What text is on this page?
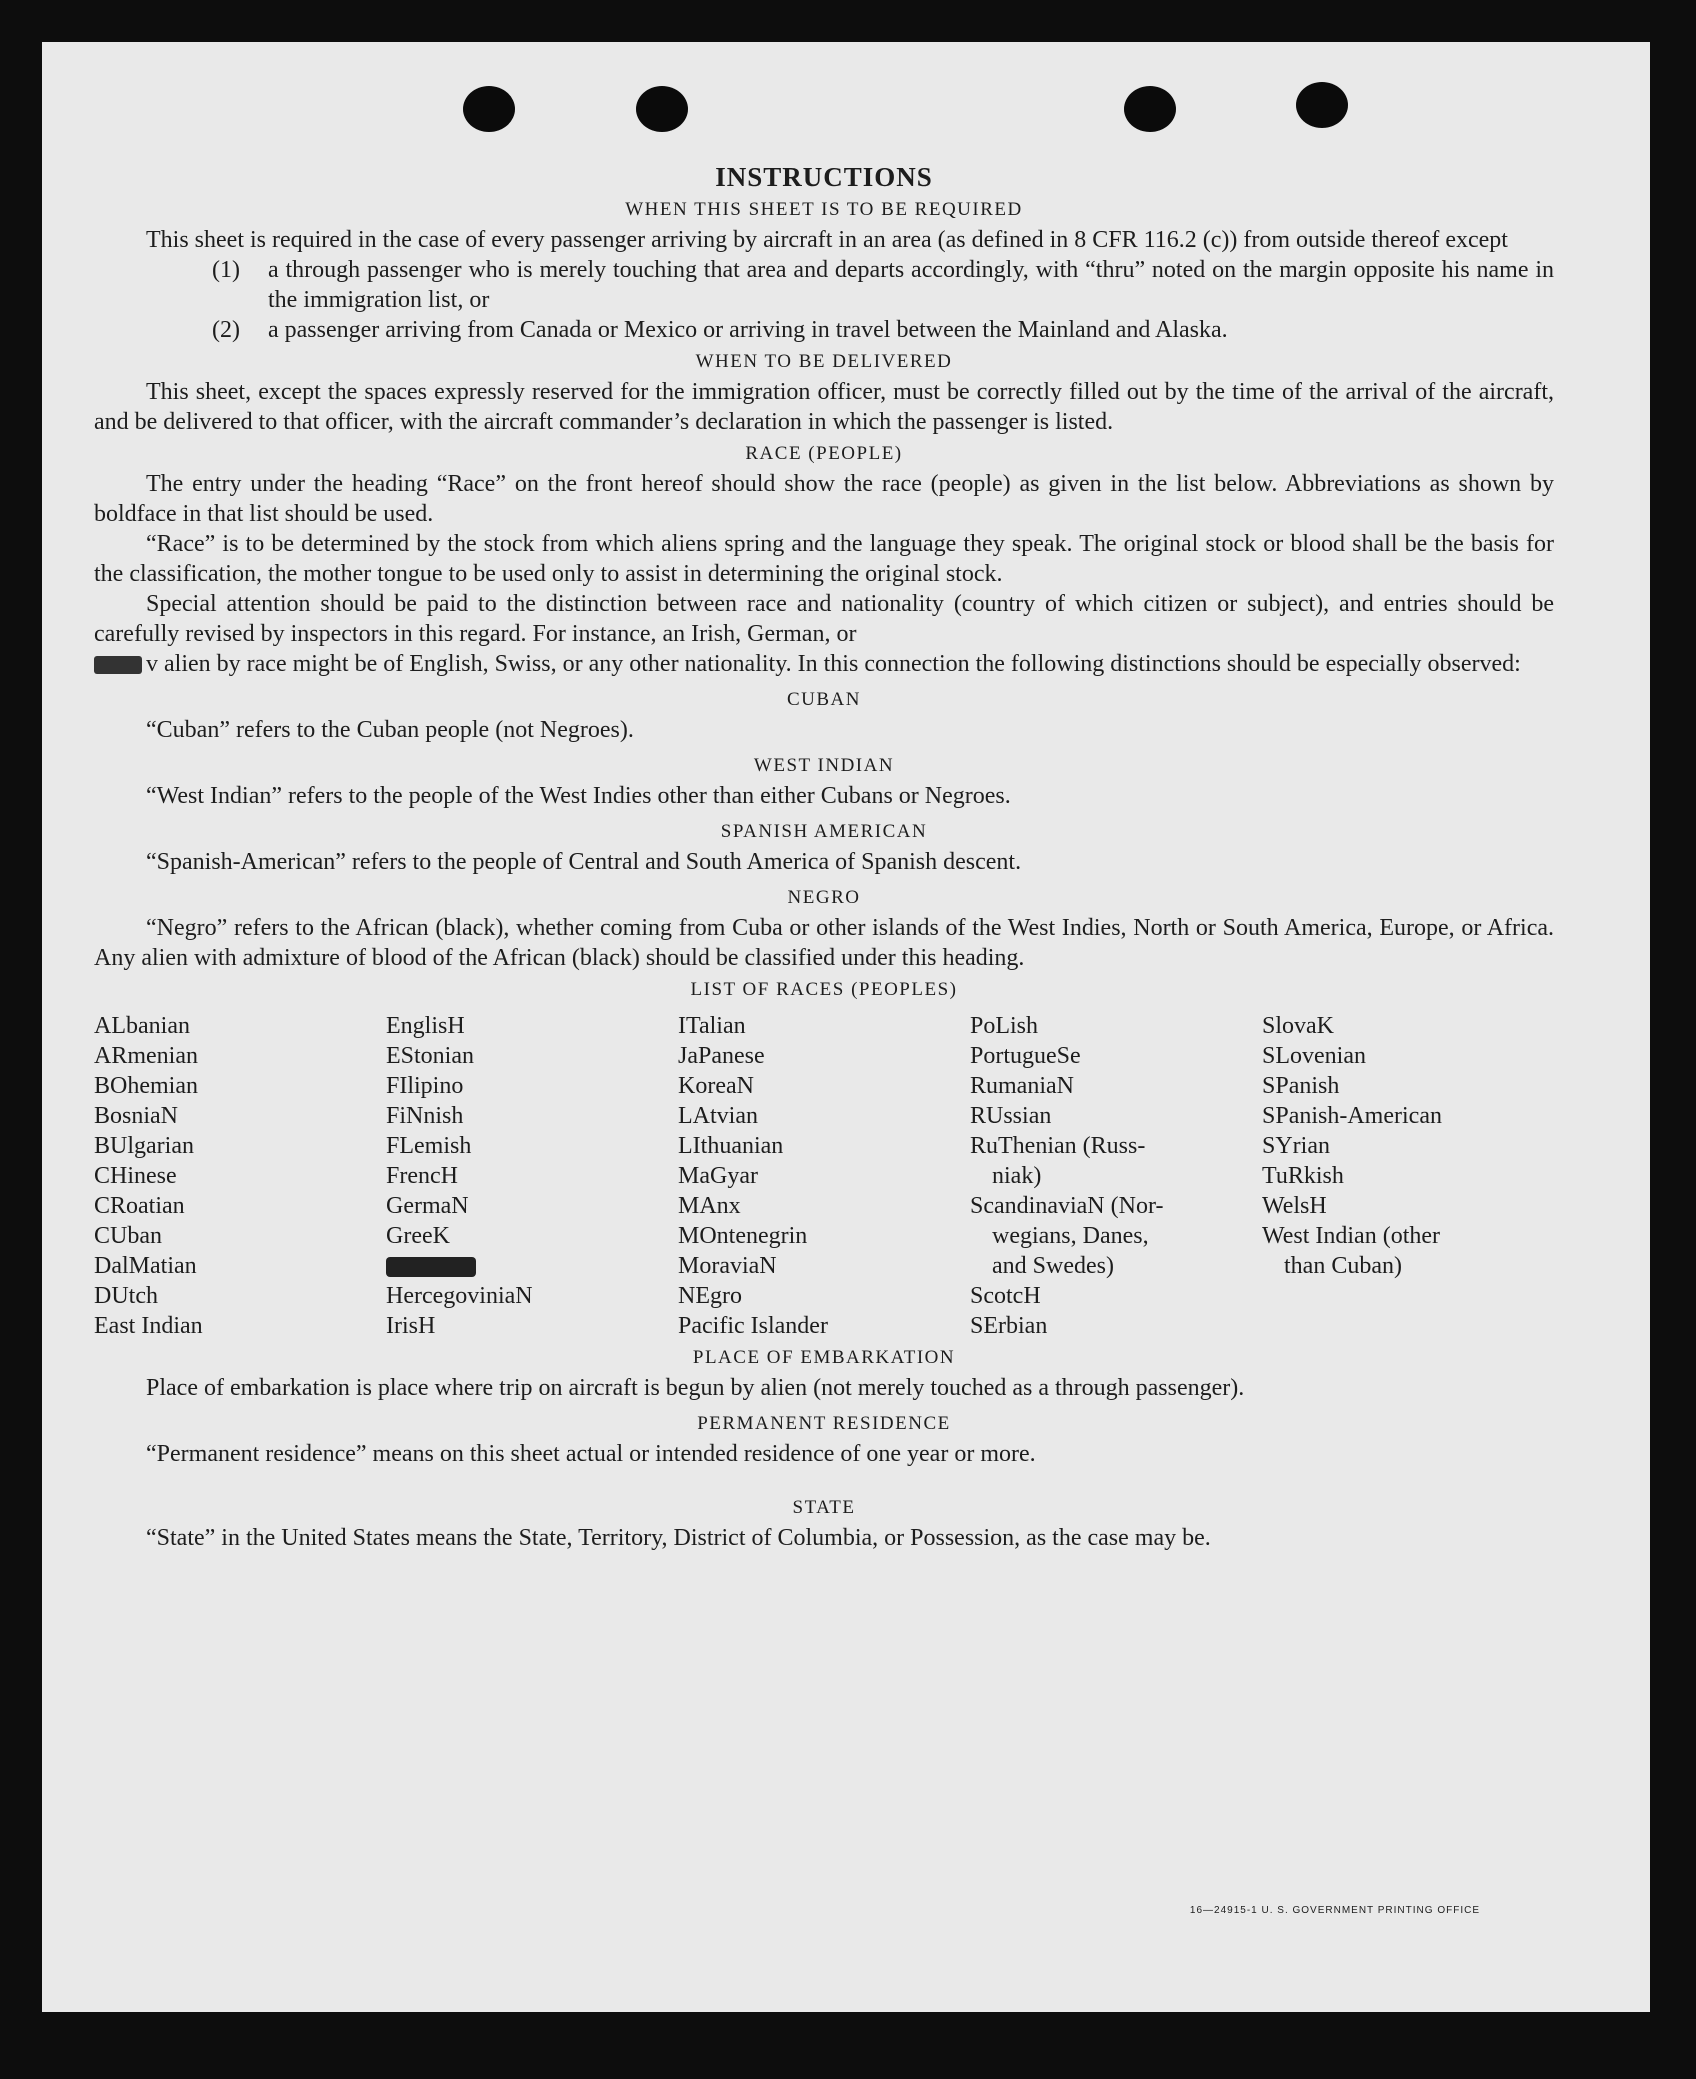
INSTRUCTIONS
WHEN THIS SHEET IS TO BE REQUIRED

This sheet is required in the case of every passenger arriving by aircraft in an area (as defined in 8 CFR 116.2 (c)) from outside thereof except

(1)	a through passenger who is merely touching that area and departs accordingly, with “thru” noted on the margin opposite his name in the immigration list, or
(2)	a passenger arriving from Canada or Mexico or arriving in travel between the Mainland and Alaska.
WHEN TO BE DELIVERED

This sheet, except the spaces expressly reserved for the immigration officer, must be correctly filled out by the time of the arrival of the aircraft, and be delivered to that officer, with the aircraft commander’s declaration in which the passenger is listed.

RACE (PEOPLE)

The entry under the heading “Race” on the front hereof should show the race (people) as given in the list below. Abbreviations as shown by boldface in that list should be used.

“Race” is to be determined by the stock from which aliens spring and the language they speak. The original stock or blood shall be the basis for the classification, the mother tongue to be used only to assist in determining the original stock.

Special attention should be paid to the distinction between race and nationality (country of which citizen or subject), and entries should be carefully revised by inspectors in this regard. For instance, an Irish, German, or

v alien by race might be of English, Swiss, or any other nationality. In this connection the following distinctions should be especially observed:

CUBAN

“Cuban” refers to the Cuban people (not Negroes).

WEST INDIAN

“West Indian” refers to the people of the West Indies other than either Cubans or Negroes.

SPANISH AMERICAN

“Spanish-American” refers to the people of Central and South America of Spanish descent.

NEGRO

“Negro” refers to the African (black), whether coming from Cuba or other islands of the West Indies, North or South America, Europe, or Africa. Any alien with admixture of blood of the African (black) should be classified under this heading.

LIST OF RACES (PEOPLES)
ALbanian
ARmenian
BOhemian
BosniaN
BUlgarian
CHinese
CRoatian
CUban
DalMatian
DUtch
East Indian
EnglisH
EStonian
FIlipino
FiNnish
FLemish
FrencH
GermaN
GreeK
HercegoviniaN
IrisH
ITalian
JaPanese
KoreaN
LAtvian
LIthuanian
MaGyar
MAnx
MOntenegrin
MoraviaN
NEgro
Pacific Islander
PoLish
PortugueSe
RumaniaN
RUssian
RuThenian (Russ-
niak)
ScandinaviaN (Nor-
wegians, Danes,
and Swedes)
ScotcH
SErbian
SlovaK
SLovenian
SPanish
SPanish-American
SYrian
TuRkish
WelsH
West Indian (other
than Cuban)
PLACE OF EMBARKATION

Place of embarkation is place where trip on aircraft is begun by alien (not merely touched as a through passenger).

PERMANENT RESIDENCE

“Permanent residence” means on this sheet actual or intended residence of one year or more.

STATE

“State” in the United States means the State, Territory, District of Columbia, or Possession, as the case may be.

16—24915-1 U. S. GOVERNMENT PRINTING OFFICE
